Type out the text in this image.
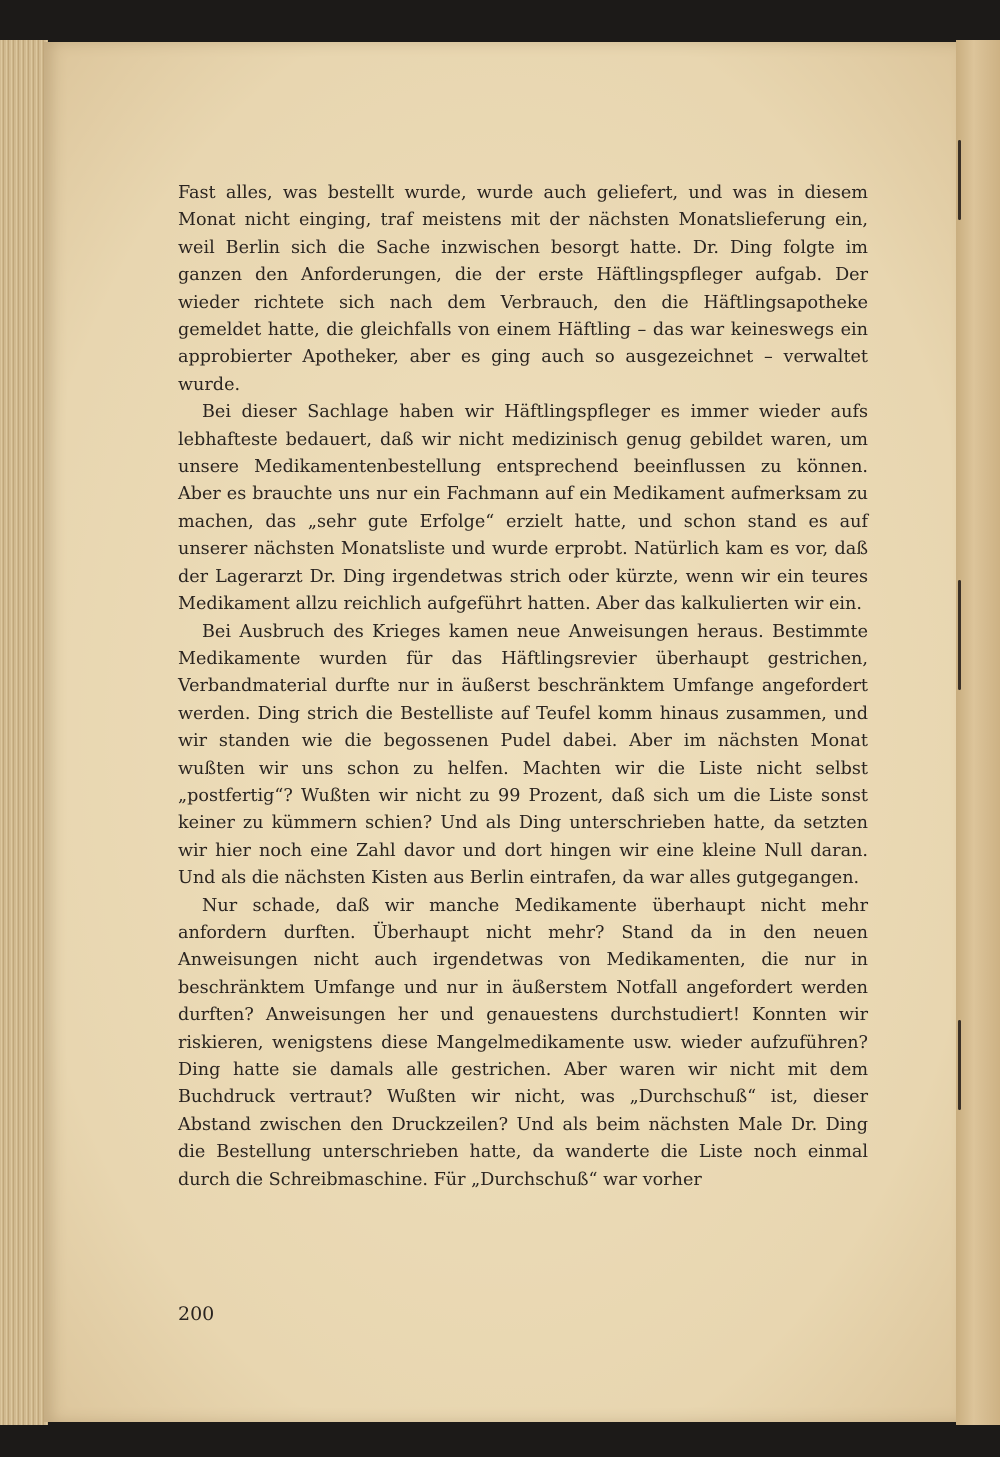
Fast alles, was bestellt wurde, wurde auch geliefert, und was in diesem Monat nicht einging, traf meistens mit der nächsten Monatslieferung ein, weil Berlin sich die Sache inzwischen besorgt hatte. Dr. Ding folgte im ganzen den Anforderungen, die der erste Häftlingspfleger aufgab. Der wieder richtete sich nach dem Verbrauch, den die Häftlingsapotheke gemeldet hatte, die gleichfalls von einem Häftling – das war keineswegs ein approbierter Apotheker, aber es ging auch so ausgezeichnet – verwaltet wurde.

Bei dieser Sachlage haben wir Häftlingspfleger es immer wieder aufs lebhafteste bedauert, daß wir nicht medizinisch genug gebildet waren, um unsere Medikamentenbestellung entsprechend beeinflussen zu können. Aber es brauchte uns nur ein Fachmann auf ein Medikament aufmerksam zu machen, das „sehr gute Erfolge“ erzielt hatte, und schon stand es auf unserer nächsten Monatsliste und wurde erprobt. Natürlich kam es vor, daß der Lagerarzt Dr. Ding irgendetwas strich oder kürzte, wenn wir ein teures Medikament allzu reichlich aufgeführt hatten. Aber das kalkulierten wir ein.

Bei Ausbruch des Krieges kamen neue Anweisungen heraus. Bestimmte Medikamente wurden für das Häftlingsrevier überhaupt gestrichen, Verbandmaterial durfte nur in äußerst beschränktem Umfange angefordert werden. Ding strich die Bestelliste auf Teufel komm hinaus zusammen, und wir standen wie die begossenen Pudel dabei. Aber im nächsten Monat wußten wir uns schon zu helfen. Machten wir die Liste nicht selbst „postfertig“? Wußten wir nicht zu 99 Prozent, daß sich um die Liste sonst keiner zu kümmern schien? Und als Ding unterschrieben hatte, da setzten wir hier noch eine Zahl davor und dort hingen wir eine kleine Null daran. Und als die nächsten Kisten aus Berlin eintrafen, da war alles gutgegangen.

Nur schade, daß wir manche Medikamente überhaupt nicht mehr anfordern durften. Überhaupt nicht mehr? Stand da in den neuen Anweisungen nicht auch irgendetwas von Medikamenten, die nur in beschränktem Umfange und nur in äußerstem Notfall angefordert werden durften? Anweisungen her und genauestens durchstudiert! Konnten wir riskieren, wenigstens diese Mangelmedikamente usw. wieder aufzuführen? Ding hatte sie damals alle gestrichen. Aber waren wir nicht mit dem Buchdruck vertraut? Wußten wir nicht, was „Durchschuß“ ist, dieser Abstand zwischen den Druckzeilen? Und als beim nächsten Male Dr. Ding die Bestellung unterschrieben hatte, da wanderte die Liste noch einmal durch die Schreibmaschine. Für „Durchschuß“ war vorher

200
